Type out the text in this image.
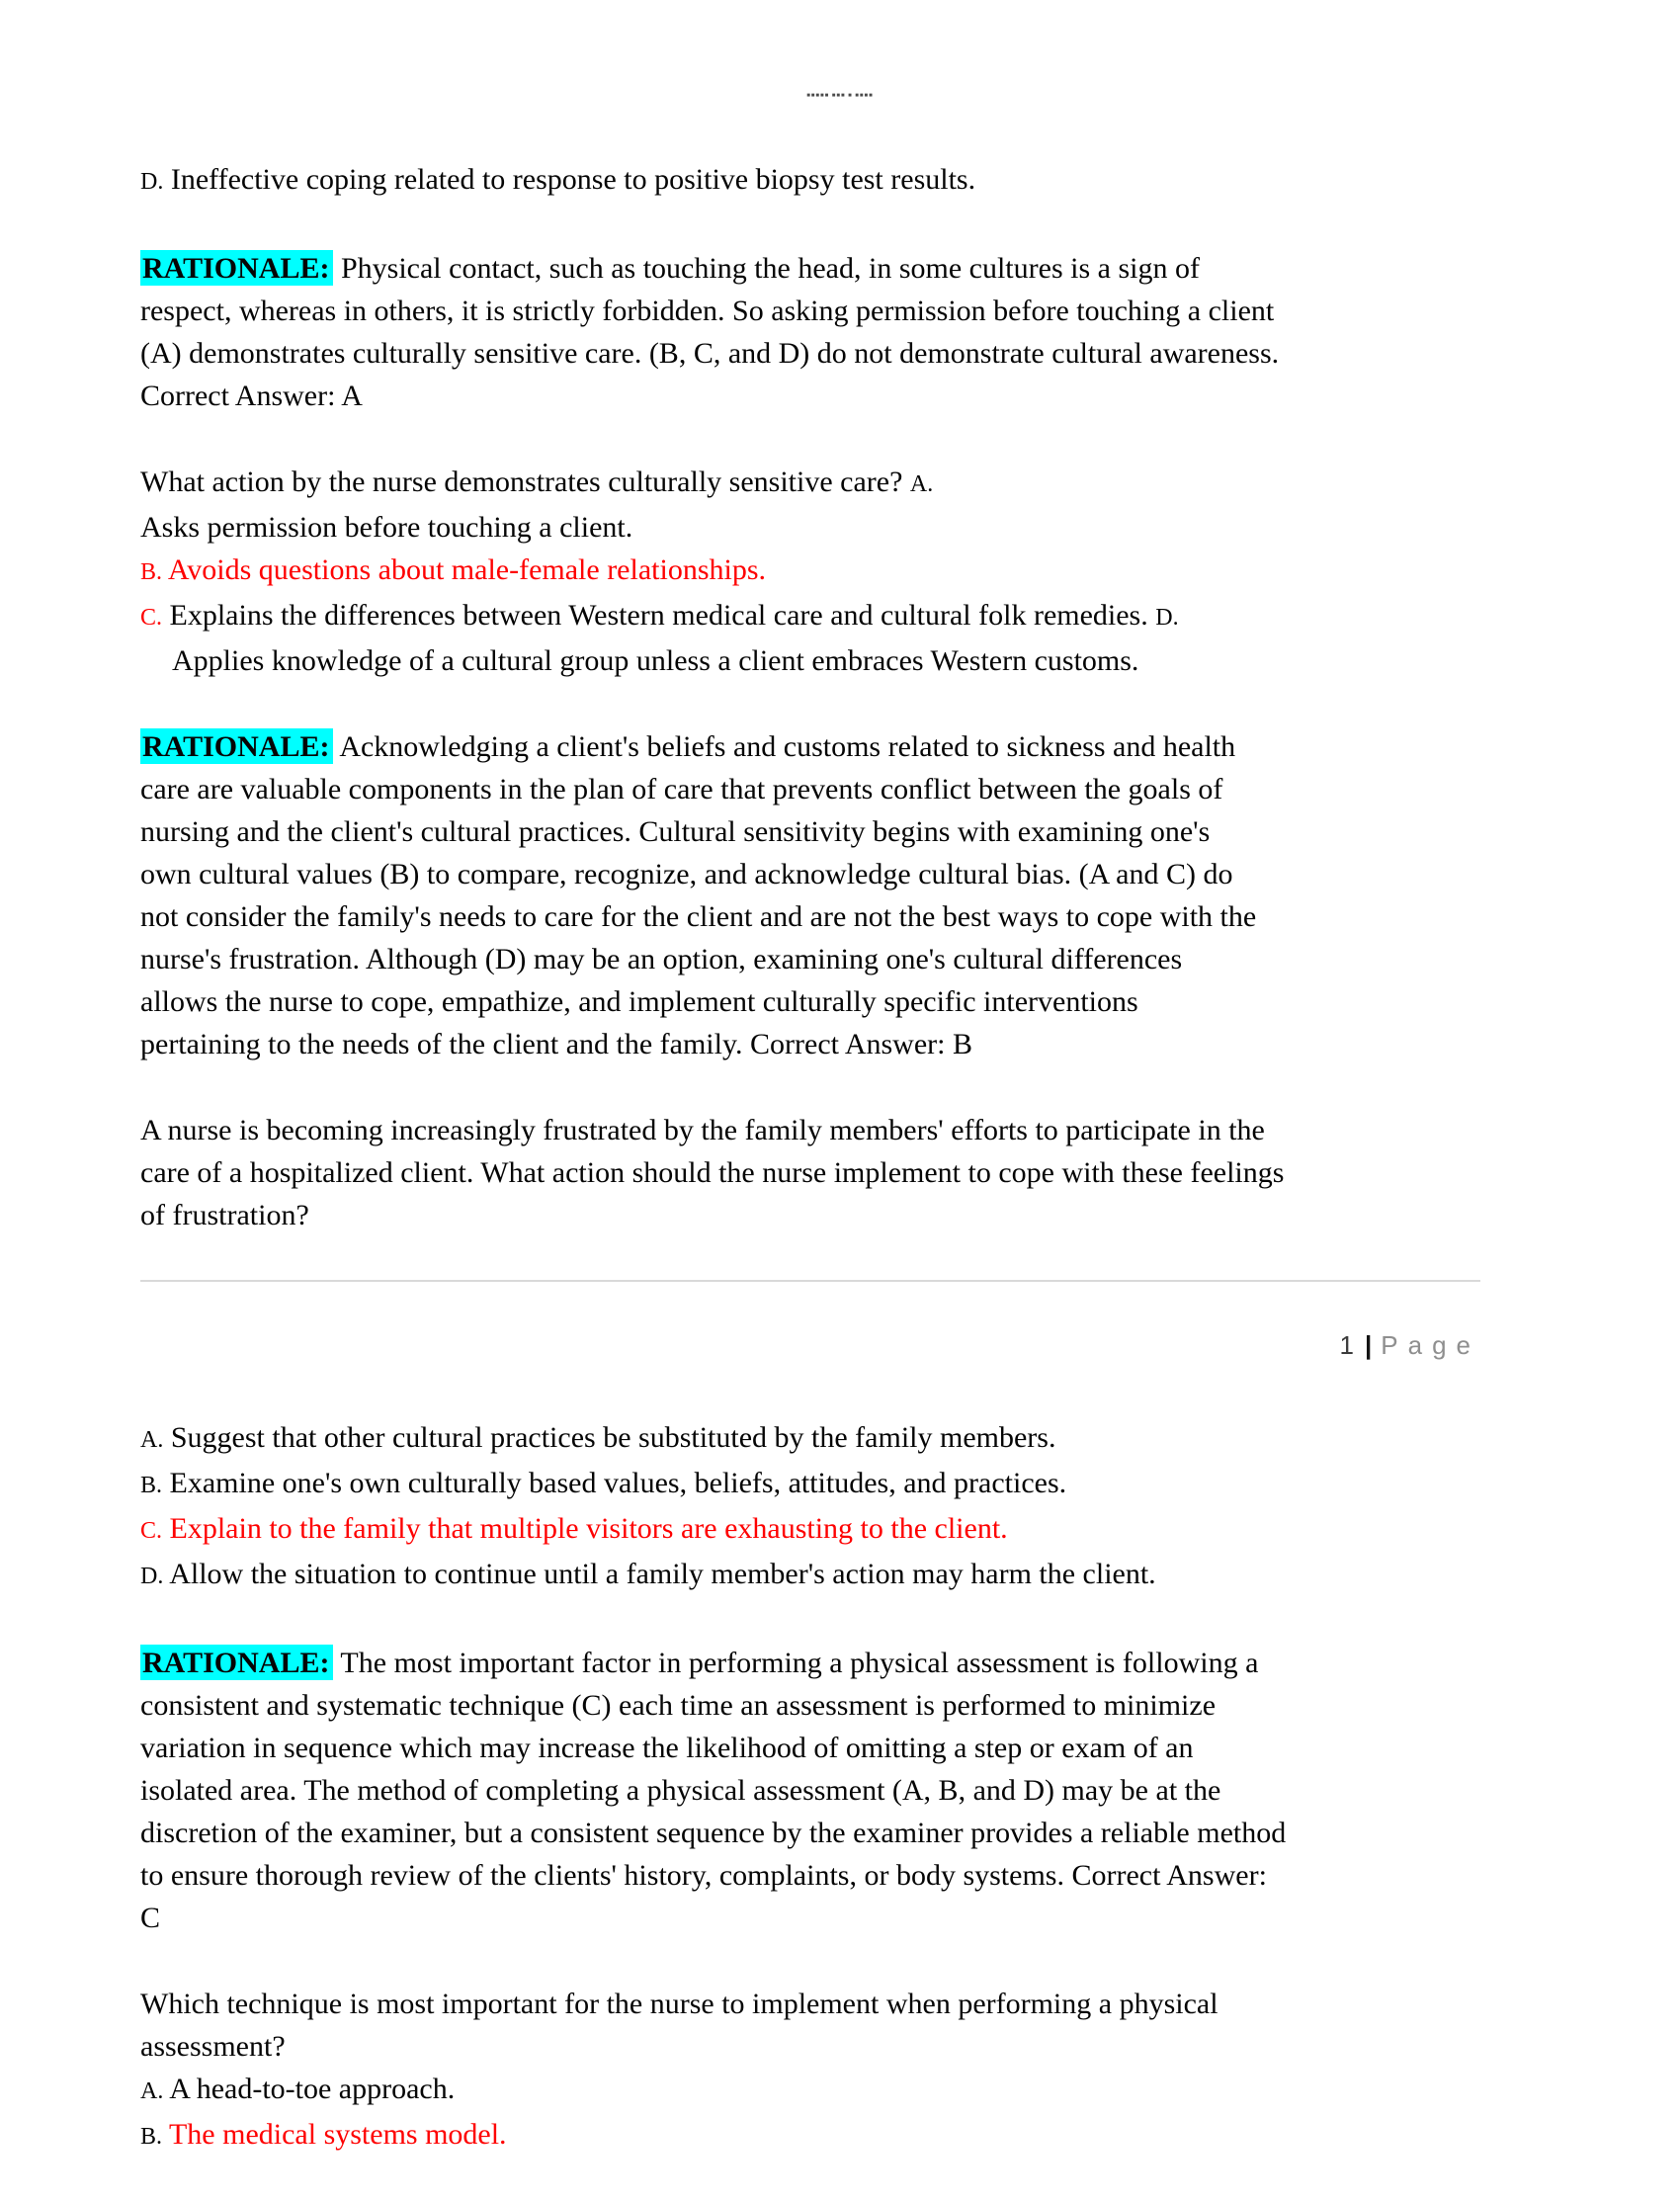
■■■■■ ■■■ ■ ■■■■
D. Ineffective coping related to response to positive biopsy test results.
RATIONALE: Physical contact, such as touching the head, in some cultures is a sign of
respect, whereas in others, it is strictly forbidden. So asking permission before touching a client
(A) demonstrates culturally sensitive care. (B, C, and D) do not demonstrate cultural awareness.
Correct Answer: A
What action by the nurse demonstrates culturally sensitive care? A.
Asks permission before touching a client.
B. Avoids questions about male-female relationships.
C. Explains the differences between Western medical care and cultural folk remedies. D.
Applies knowledge of a cultural group unless a client embraces Western customs.
RATIONALE: Acknowledging a client's beliefs and customs related to sickness and health
care are valuable components in the plan of care that prevents conflict between the goals of
nursing and the client's cultural practices. Cultural sensitivity begins with examining one's
own cultural values (B) to compare, recognize, and acknowledge cultural bias. (A and C) do
not consider the family's needs to care for the client and are not the best ways to cope with the
nurse's frustration. Although (D) may be an option, examining one's cultural differences
allows the nurse to cope, empathize, and implement culturally specific interventions
pertaining to the needs of the client and the family. Correct Answer: B
A nurse is becoming increasingly frustrated by the family members' efforts to participate in the
care of a hospitalized client. What action should the nurse implement to cope with these feelings
of frustration?
1 | Page
A. Suggest that other cultural practices be substituted by the family members.
B. Examine one's own culturally based values, beliefs, attitudes, and practices.
C. Explain to the family that multiple visitors are exhausting to the client.
D. Allow the situation to continue until a family member's action may harm the client.
RATIONALE: The most important factor in performing a physical assessment is following a
consistent and systematic technique (C) each time an assessment is performed to minimize
variation in sequence which may increase the likelihood of omitting a step or exam of an
isolated area. The method of completing a physical assessment (A, B, and D) may be at the
discretion of the examiner, but a consistent sequence by the examiner provides a reliable method
to ensure thorough review of the clients' history, complaints, or body systems. Correct Answer:
C
Which technique is most important for the nurse to implement when performing a physical
assessment?
A. A head-to-toe approach.
B. The medical systems model.
